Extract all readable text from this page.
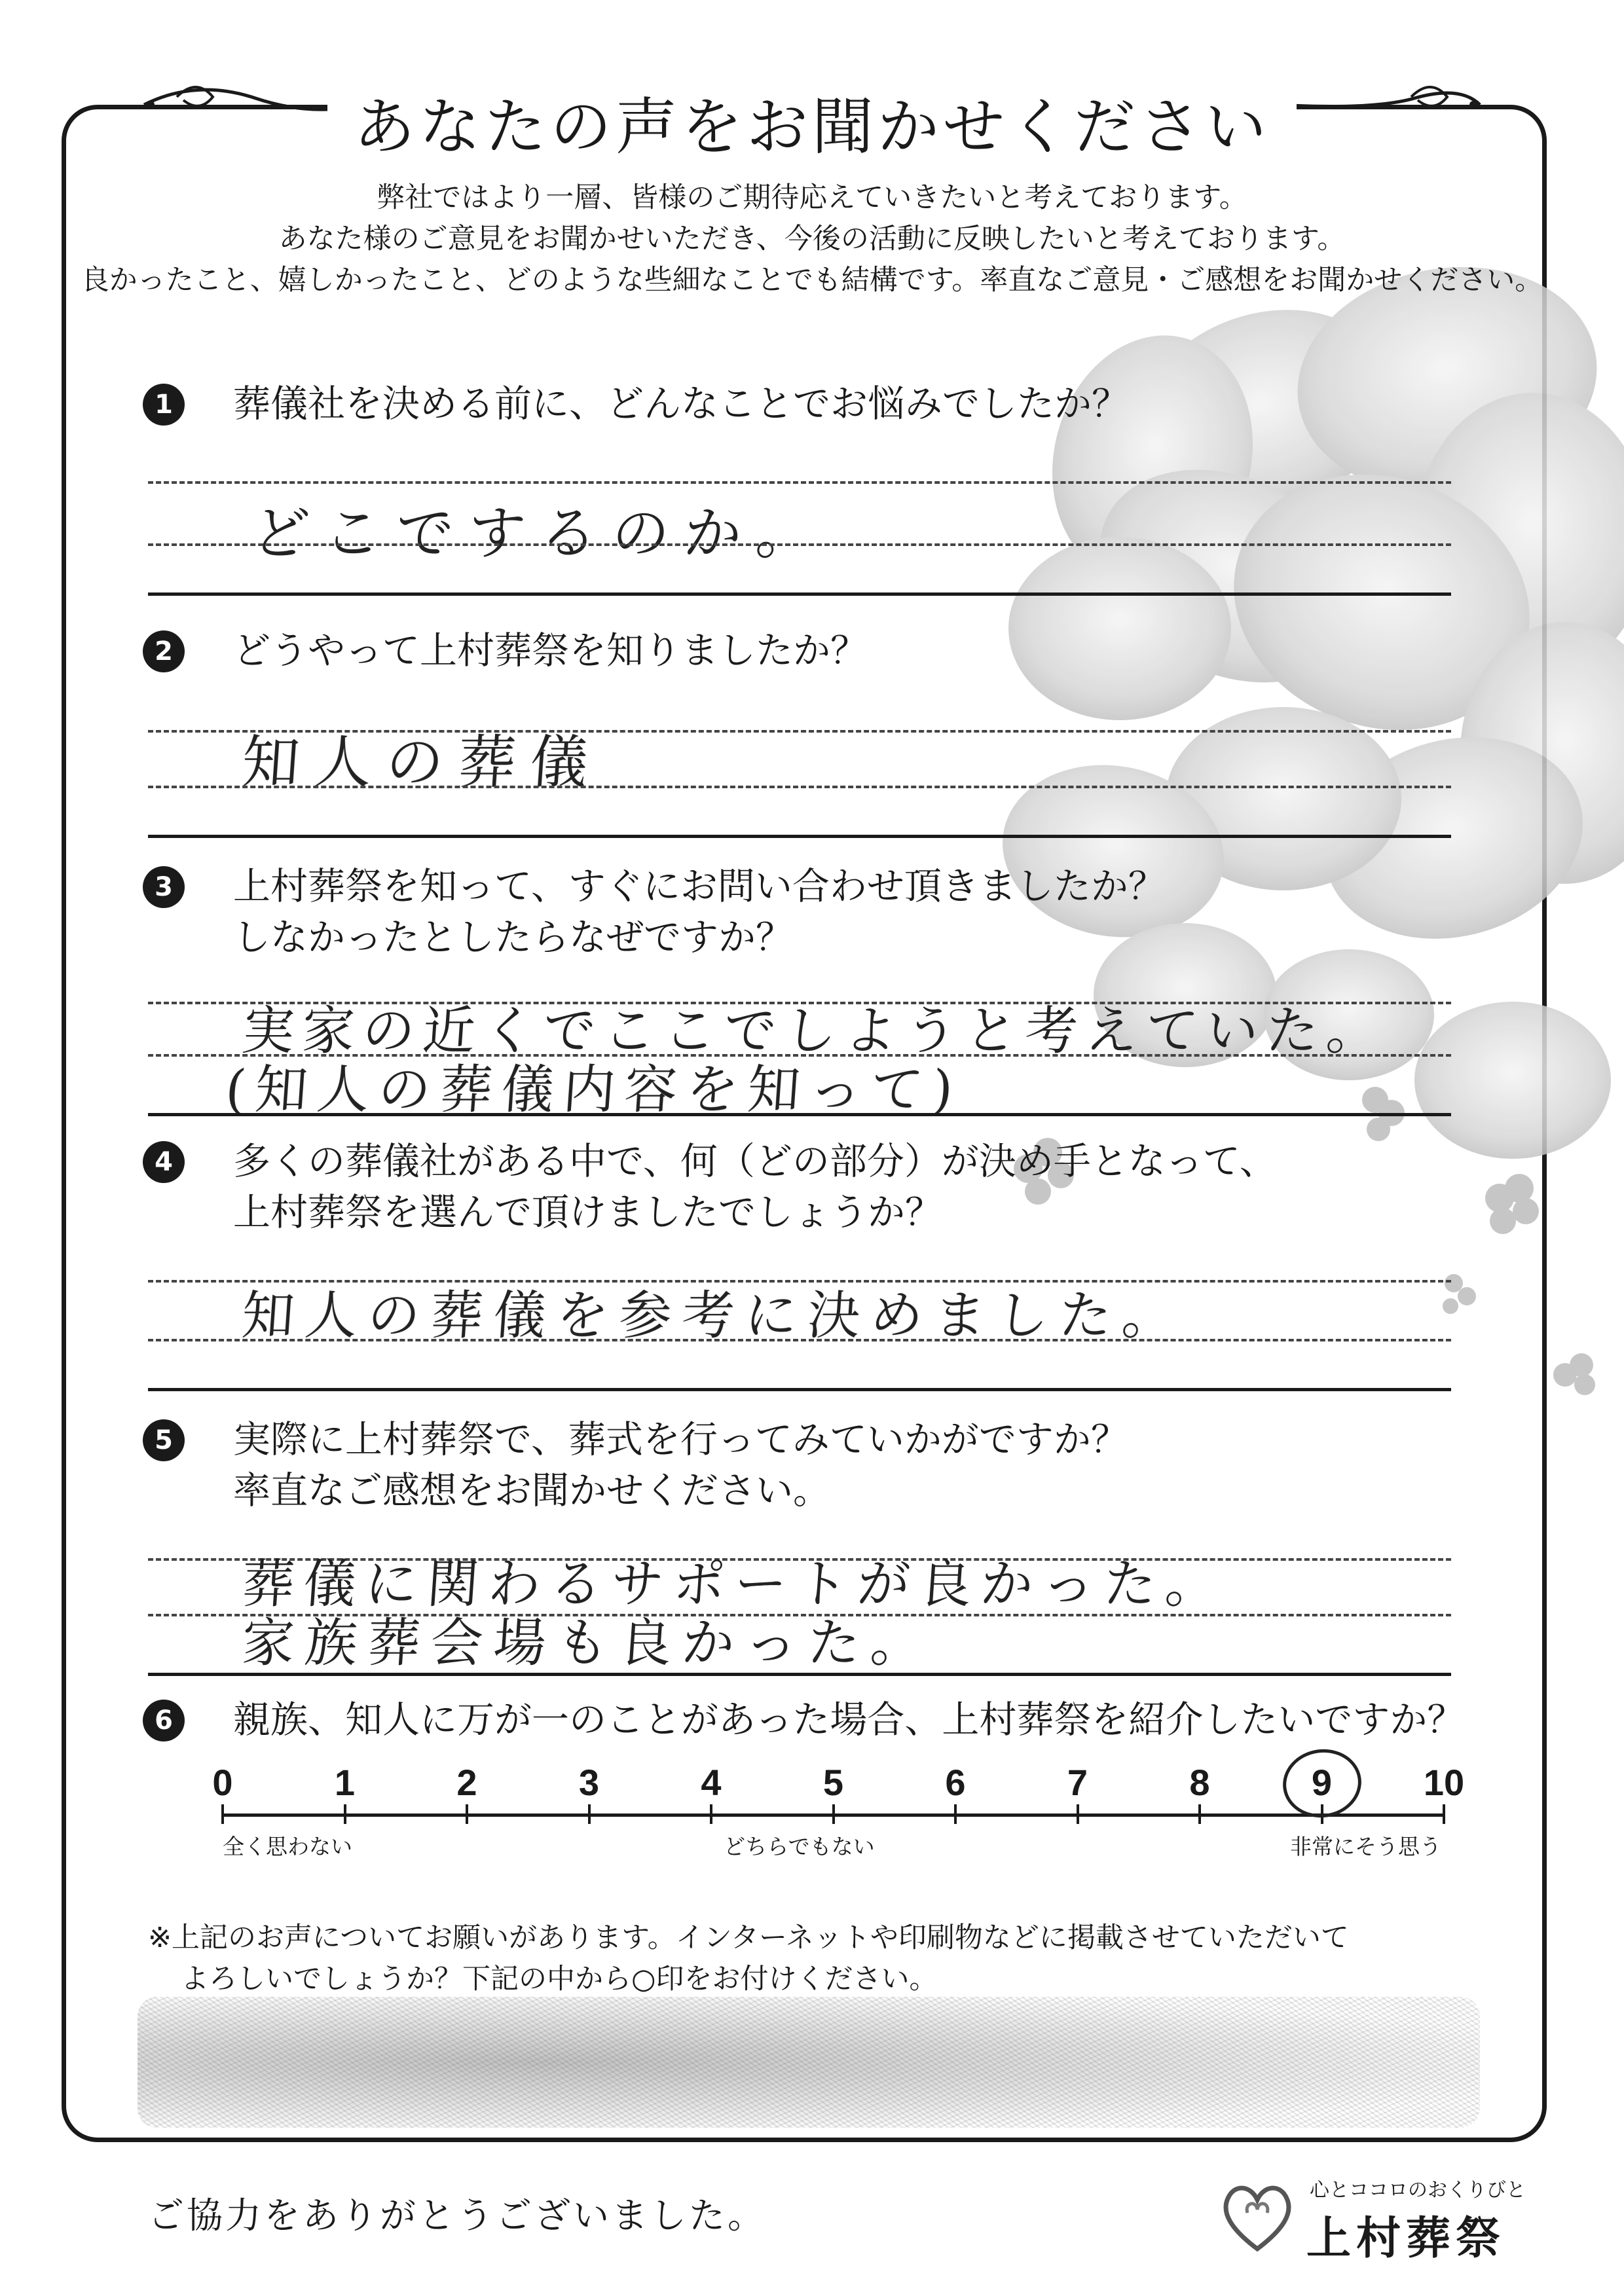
あなたの声をお聞かせください
弊社ではより一層、皆様のご期待応えていきたいと考えております。
あなた様のご意見をお聞かせいただき、今後の活動に反映したいと考えております。
良かったこと、嬉しかったこと、どのような些細なことでも結構です。率直なご意見・ご感想をお聞かせください。
1	葬儀社を決める前に、どんなことでお悩みでしたか？
どこでするのか。
2	どうやって上村葬祭を知りましたか？
知人の葬儀
3	上村葬祭を知って、すぐにお問い合わせ頂きましたか？
しなかったとしたらなぜですか？
実家の近くでここでしようと考えていた。
(知人の葬儀内容を知って)
4	多くの葬儀社がある中で、何（どの部分）が決め手となって、
上村葬祭を選んで頂けましたでしょうか？
知人の葬儀を参考に決めました。
5	実際に上村葬祭で、葬式を行ってみていかがですか？
率直なご感想をお聞かせください。
葬儀に関わるサポートが良かった。
家族葬会場も良かった。
6	親族、知人に万が一のことがあった場合、上村葬祭を紹介したいですか？
0	1	2	3	4	5	6	7	8	9	10
全く思わない	どちらでもない	非常にそう思う
※上記のお声についてお願いがあります。インターネットや印刷物などに掲載させていただいて
よろしいでしょうか？下記の中から○印をお付けください。
ご協力をありがとうございました。
心とココロのおくりびと
上村葬祭
